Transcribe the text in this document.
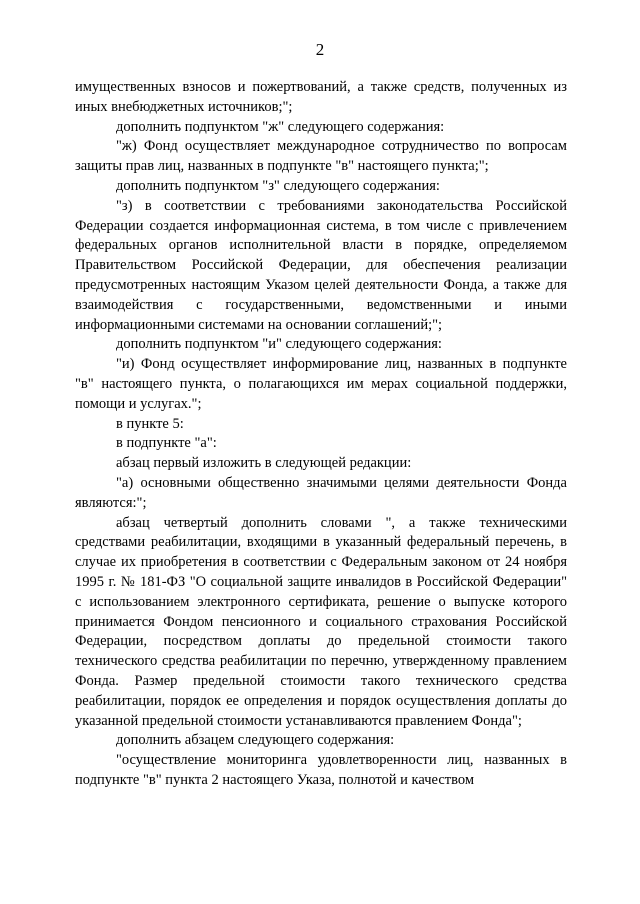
2

имущественных взносов и пожертвований, а также средств, полученных из иных внебюджетных источников;";

дополнить подпунктом "ж" следующего содержания:

"ж) Фонд осуществляет международное сотрудничество по вопросам защиты прав лиц, названных в подпункте "в" настоящего пункта;";

дополнить подпунктом "з" следующего содержания:

"з) в соответствии с требованиями законодательства Российской Федерации создается информационная система, в том числе с привлечением федеральных органов исполнительной власти в порядке, определяемом Правительством Российской Федерации, для обеспечения реализации предусмотренных настоящим Указом целей деятельности Фонда, а также для взаимодействия с государственными, ведомственными и иными информационными системами на основании соглашений;";

дополнить подпунктом "и" следующего содержания:

"и) Фонд осуществляет информирование лиц, названных в подпункте "в" настоящего пункта, о полагающихся им мерах социальной поддержки, помощи и услугах.";

в пункте 5:

в подпункте "а":

абзац первый изложить в следующей редакции:

"а) основными общественно значимыми целями деятельности Фонда являются:";

абзац четвертый дополнить словами ", а также техническими средствами реабилитации, входящими в указанный федеральный перечень, в случае их приобретения в соответствии с Федеральным законом от 24 ноября 1995 г. № 181-ФЗ "О социальной защите инвалидов в Российской Федерации" с использованием электронного сертификата, решение о выпуске которого принимается Фондом пенсионного и социального страхования Российской Федерации, посредством доплаты до предельной стоимости такого технического средства реабилитации по перечню, утвержденному правлением Фонда. Размер предельной стоимости такого технического средства реабилитации, порядок ее определения и порядок осуществления доплаты до указанной предельной стоимости устанавливаются правлением Фонда";

дополнить абзацем следующего содержания:

"осуществление мониторинга удовлетворенности лиц, названных в подпункте "в" пункта 2 настоящего Указа, полнотой и качеством
